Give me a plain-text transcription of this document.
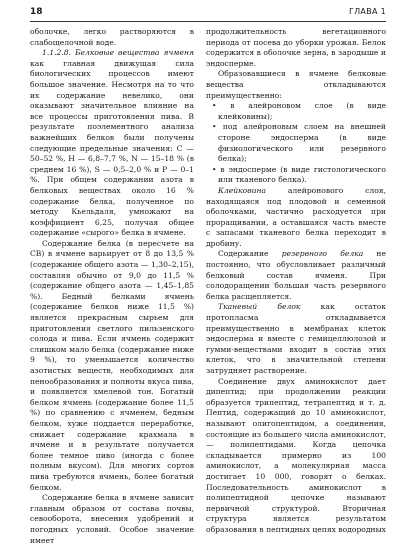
18	ГЛАВА 1

оболочке, легко растворяются в слабощелочной воде.

1.1.2.8. Белковые вещества ячменя как главная движущая сила биологических процессов имеют большое значение. Несмотря на то что их содержание невелико, они оказывают значительное влияние на все процессы приготовления пива. В результате поэлементного анализа важнейших белков были получены следующие предельные значения: С — 50–52 %, Н — 6,8–7,7 %, N — 15–18 % (в среднем 16 %), S — 0,5–2,0 % и Р — 0–1 %. При общем содержании азота в белковых веществах около 16 % содержание белка, полученное по методу Кьельдаля, умножают на коэффициент 6,25, получая общее содержание «сырого» белка в ячмене.

Содержание белка (в пересчете на СВ) в ячмене варьирует от 8 до 13,5 % (содержание общего азота — 1,30–2,15), составляя обычно от 9,0 до 11,5 % (содержание общего азота — 1,45–1,85 %). Бедный белками ячмень (содержание белков ниже 11,5 %) является прекрасным сырьем для приготовления светлого пильзенского солода и пива. Если ячмень содержит слишком мало белка (содержание ниже 9 %), то уменьшается количество азотистых веществ, необходимых для пенообразования и полноты вкуса пива, и появляется хмелевой тон. Богатый белком ячмень (содержание более 11,5 %) по сравнению с ячменем, бедным белком, хуже поддается переработке, снижает содержание крахмала в ячмене и в результате получается более темное пиво (иногда с более полным вкусом). Для многих сортов пива требуются ячмень, более богатый белком.

Содержание белка в ячмене зависит главным образом от состава почвы, севооборота, внесения удобрений и погодных условий. Особое значение имеет

продолжительность вегетационного периода от посева до уборки урожая. Белок содержится в оболочке зерна, в зародыше и эндосперме.

Образовавшиеся в ячмене белковые вещества откладываются преимущественно:

• в алейроновом слое (в виде клейковины);
• под алейроновым слоем на внешней стороне эндосперма (в виде физиологического или резервного белка);
• в эндосперме (в виде гистологического или тканевого белка).

Клейковина алейронового слоя, находящаяся под плодовой и семенной оболочками, частично расходуется при проращивании, а оставшаяся часть вместе с запасами тканевого белка переходит в дробину.

Содержание резервного белка не постоянно, что обусловливает различный белковый состав ячменя. При солодоращении большая часть резервного белка расщепляется.

Тканевый белок как остаток протопласма откладывается преимущественно в мембранах клеток эндосперма и вместе с гемицеллюлозой и гумми-веществами входит в состав этих клеток, что в значительной степени затрудняет растворение.

Соединение двух аминокислот дает дипептид; при продолжении реакции образуется трипептид, тетрапептид и т. д. Пептид, содержащий до 10 аминокислот, называют олигопептидом, а соединения, состоящие из большего числа аминокислот, — полипептидами. Когда цепочка складывается примерно из 100 аминокислот, а молекулярная масса достигает 10 000, говорят о белках. Последовательность аминокислот в полипептидной цепочке называют первичной структурой. Вторичная структура является результатом образования в пептидных цепях водородных
